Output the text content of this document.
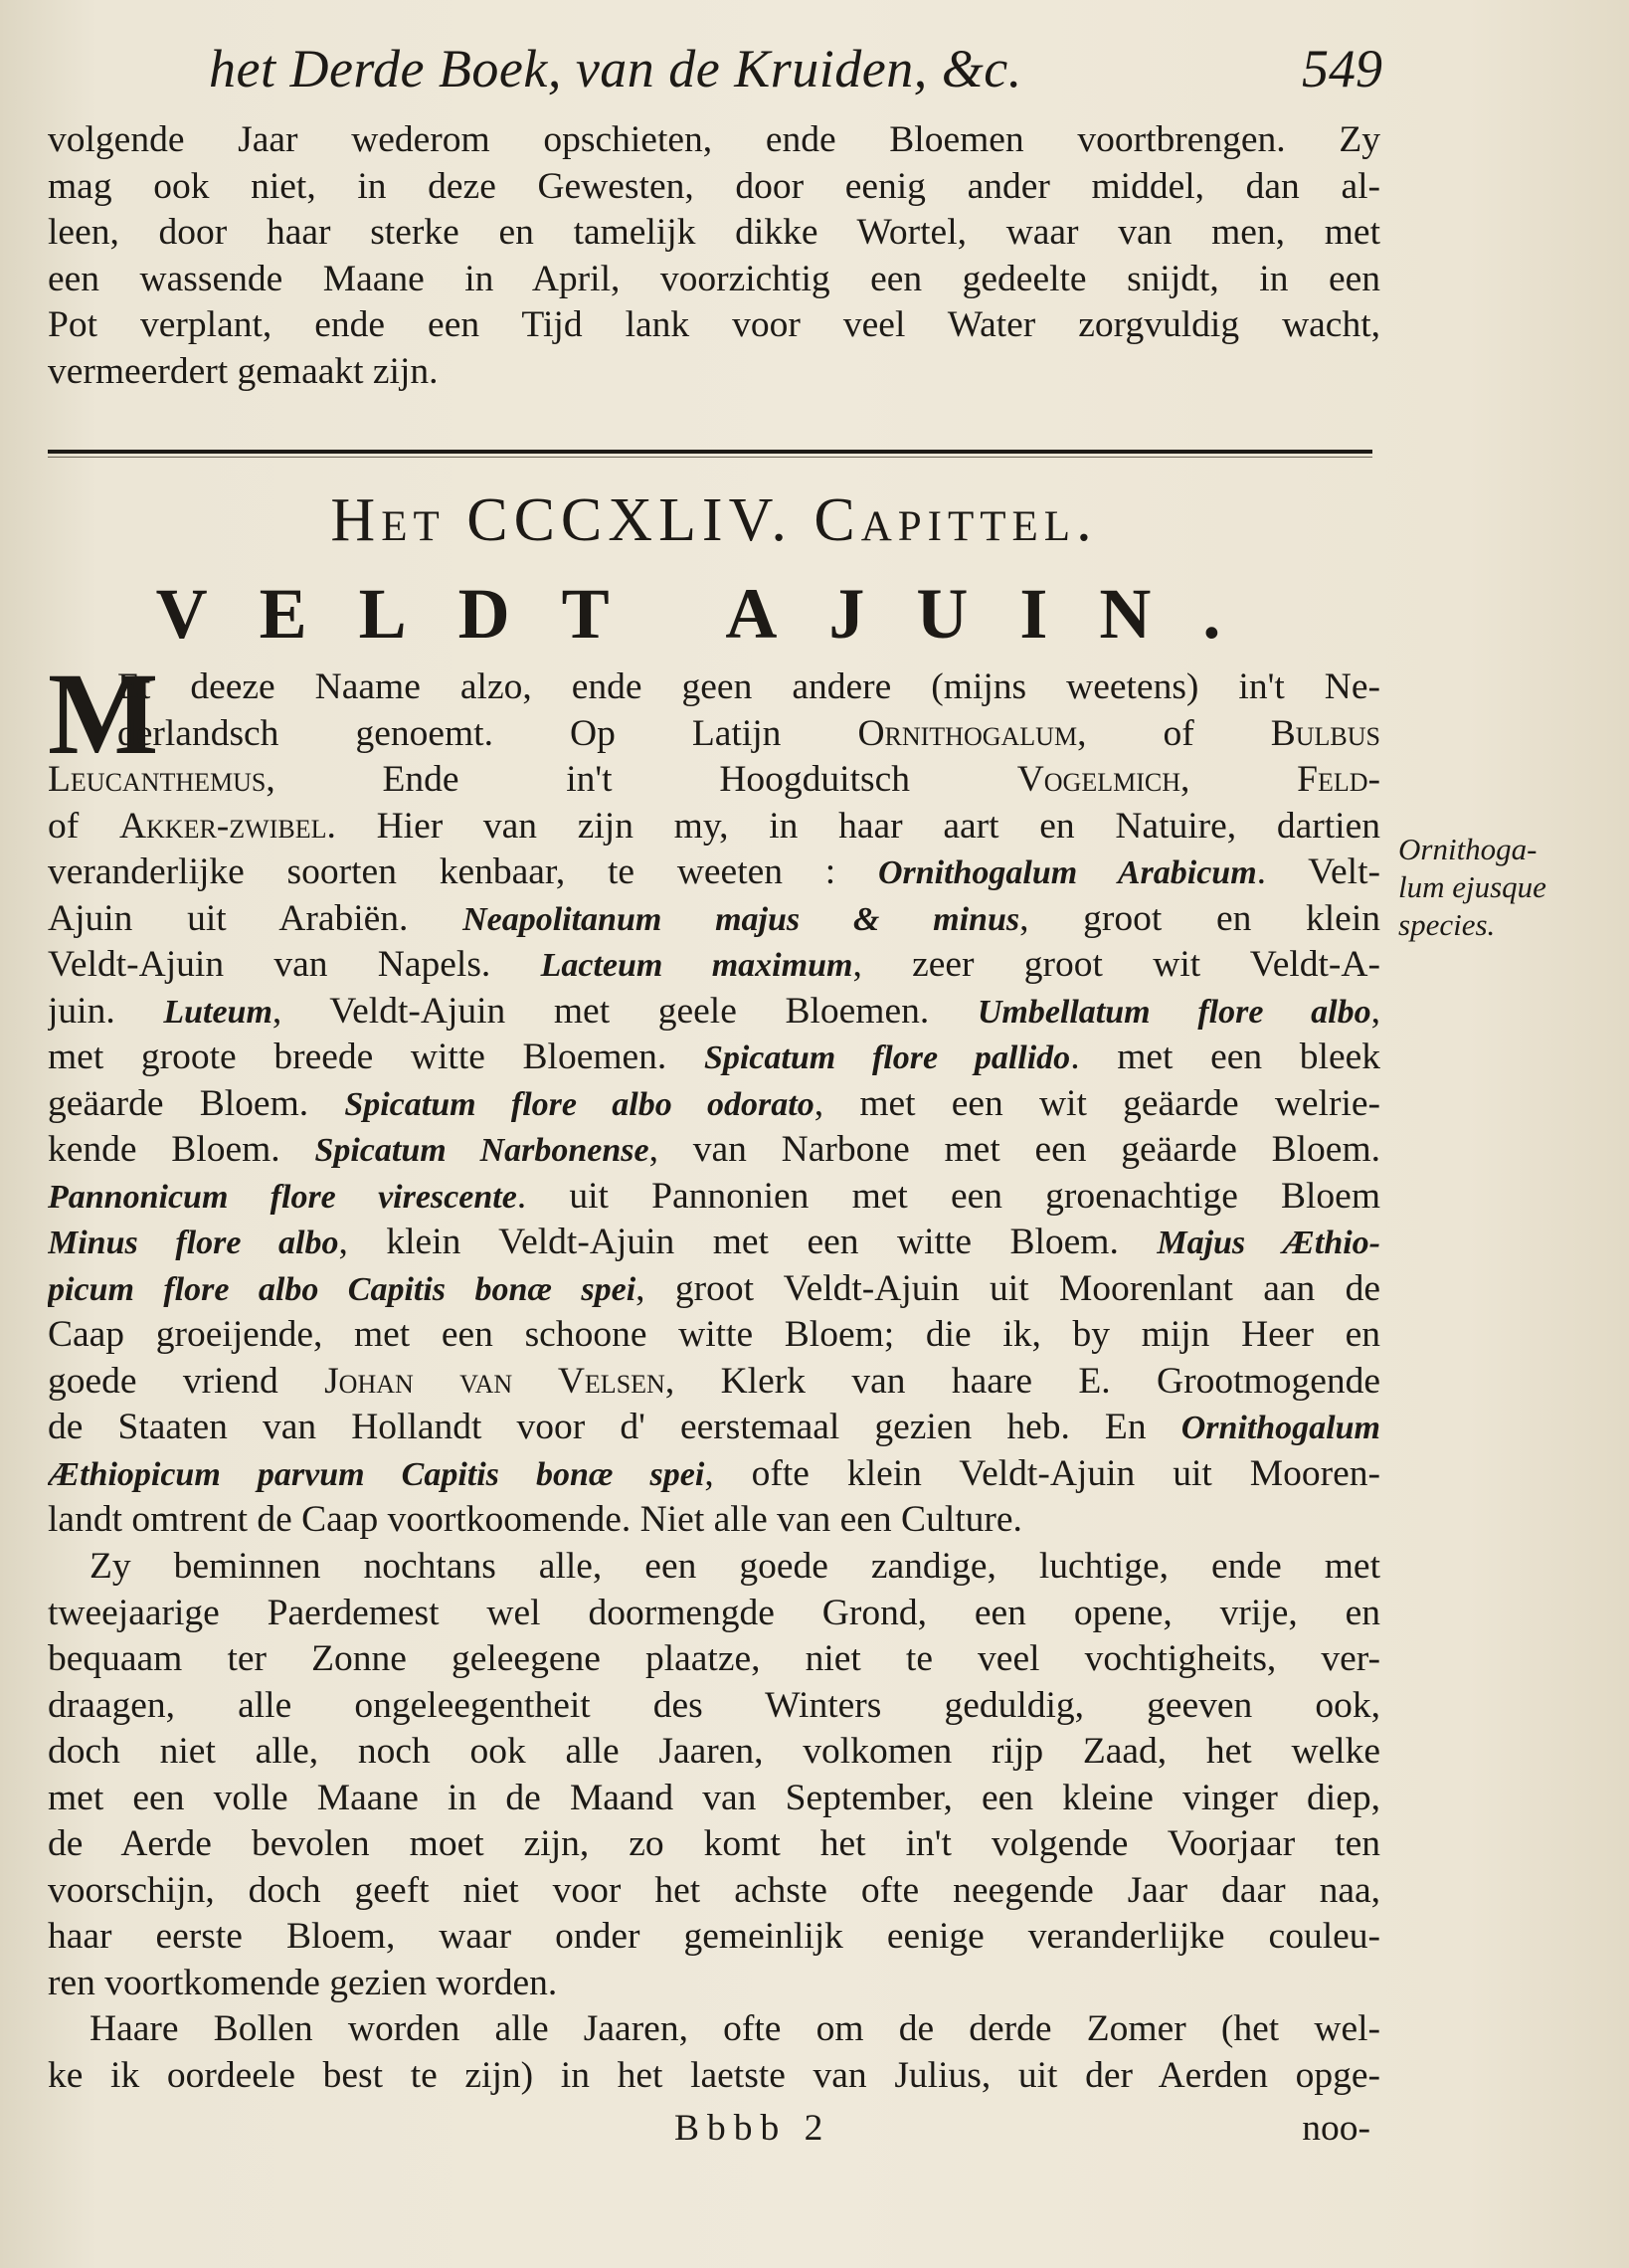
het Derde Boek, van de Kruiden, &c.	549
volgende Jaar wederom opschieten, ende Bloemen voortbrengen. Zy
mag ook niet, in deze Gewesten, door eenig ander middel, dan al-
leen, door haar sterke en tamelijk dikke Wortel, waar van men, met
een wassende Maane in April, voorzichtig een gedeelte snijdt, in een
Pot verplant, ende een Tijd lank voor veel Water zorgvuldig wacht,
vermeerdert gemaakt zijn.
Het CCCXLIV. Capittel.
VELDT AJUIN.
M
Et deeze Naame alzo, ende geen andere (mijns weetens) in't Ne-
derlandsch genoemt. Op Latijn Ornithogalum, of Bulbus
Leucanthemus, Ende in't Hoogduitsch Vogelmich, Feld-
of Akker-zwibel. Hier van zijn my, in haar aart en Natuire, dartien
veranderlijke soorten kenbaar, te weeten : Ornithogalum Arabicum. Velt-
Ajuin uit Arabiën. Neapolitanum majus & minus, groot en klein
Veldt-Ajuin van Napels. Lacteum maximum, zeer groot wit Veldt-A-
juin. Luteum, Veldt-Ajuin met geele Bloemen. Umbellatum flore albo,
met groote breede witte Bloemen. Spicatum flore pallido. met een bleek
geäarde Bloem. Spicatum flore albo odorato, met een wit geäarde welrie-
kende Bloem. Spicatum Narbonense, van Narbone met een geäarde Bloem.
Pannonicum flore virescente. uit Pannonien met een groenachtige Bloem
Minus flore albo, klein Veldt-Ajuin met een witte Bloem. Majus Æthio-
picum flore albo Capitis bonæ spei, groot Veldt-Ajuin uit Moorenlant aan de
Caap groeijende, met een schoone witte Bloem; die ik, by mijn Heer en
goede vriend Johan van Velsen, Klerk van haare E. Grootmogende
de Staaten van Hollandt voor d' eerstemaal gezien heb. En Ornithogalum
Æthiopicum parvum Capitis bonæ spei, ofte klein Veldt-Ajuin uit Mooren-
landt omtrent de Caap voortkoomende. Niet alle van een Culture.
Zy beminnen nochtans alle, een goede zandige, luchtige, ende met
tweejaarige Paerdemest wel doormengde Grond, een opene, vrije, en
bequaam ter Zonne geleegene plaatze, niet te veel vochtigheits, ver-
draagen, alle ongeleegentheit des Winters geduldig, geeven ook,
doch niet alle, noch ook alle Jaaren, volkomen rijp Zaad, het welke
met een volle Maane in de Maand van September, een kleine vinger diep,
de Aerde bevolen moet zijn, zo komt het in't volgende Voorjaar ten
voorschijn, doch geeft niet voor het achste ofte neegende Jaar daar naa,
haar eerste Bloem, waar onder gemeinlijk eenige veranderlijke couleu-
ren voortkomende gezien worden.
Haare Bollen worden alle Jaaren, ofte om de derde Zomer (het wel-
ke ik oordeele best te zijn) in het laetste van Julius, uit der Aerden opge-
Ornithoga-
lum ejusque
species.
Bbbb 2	noo-
